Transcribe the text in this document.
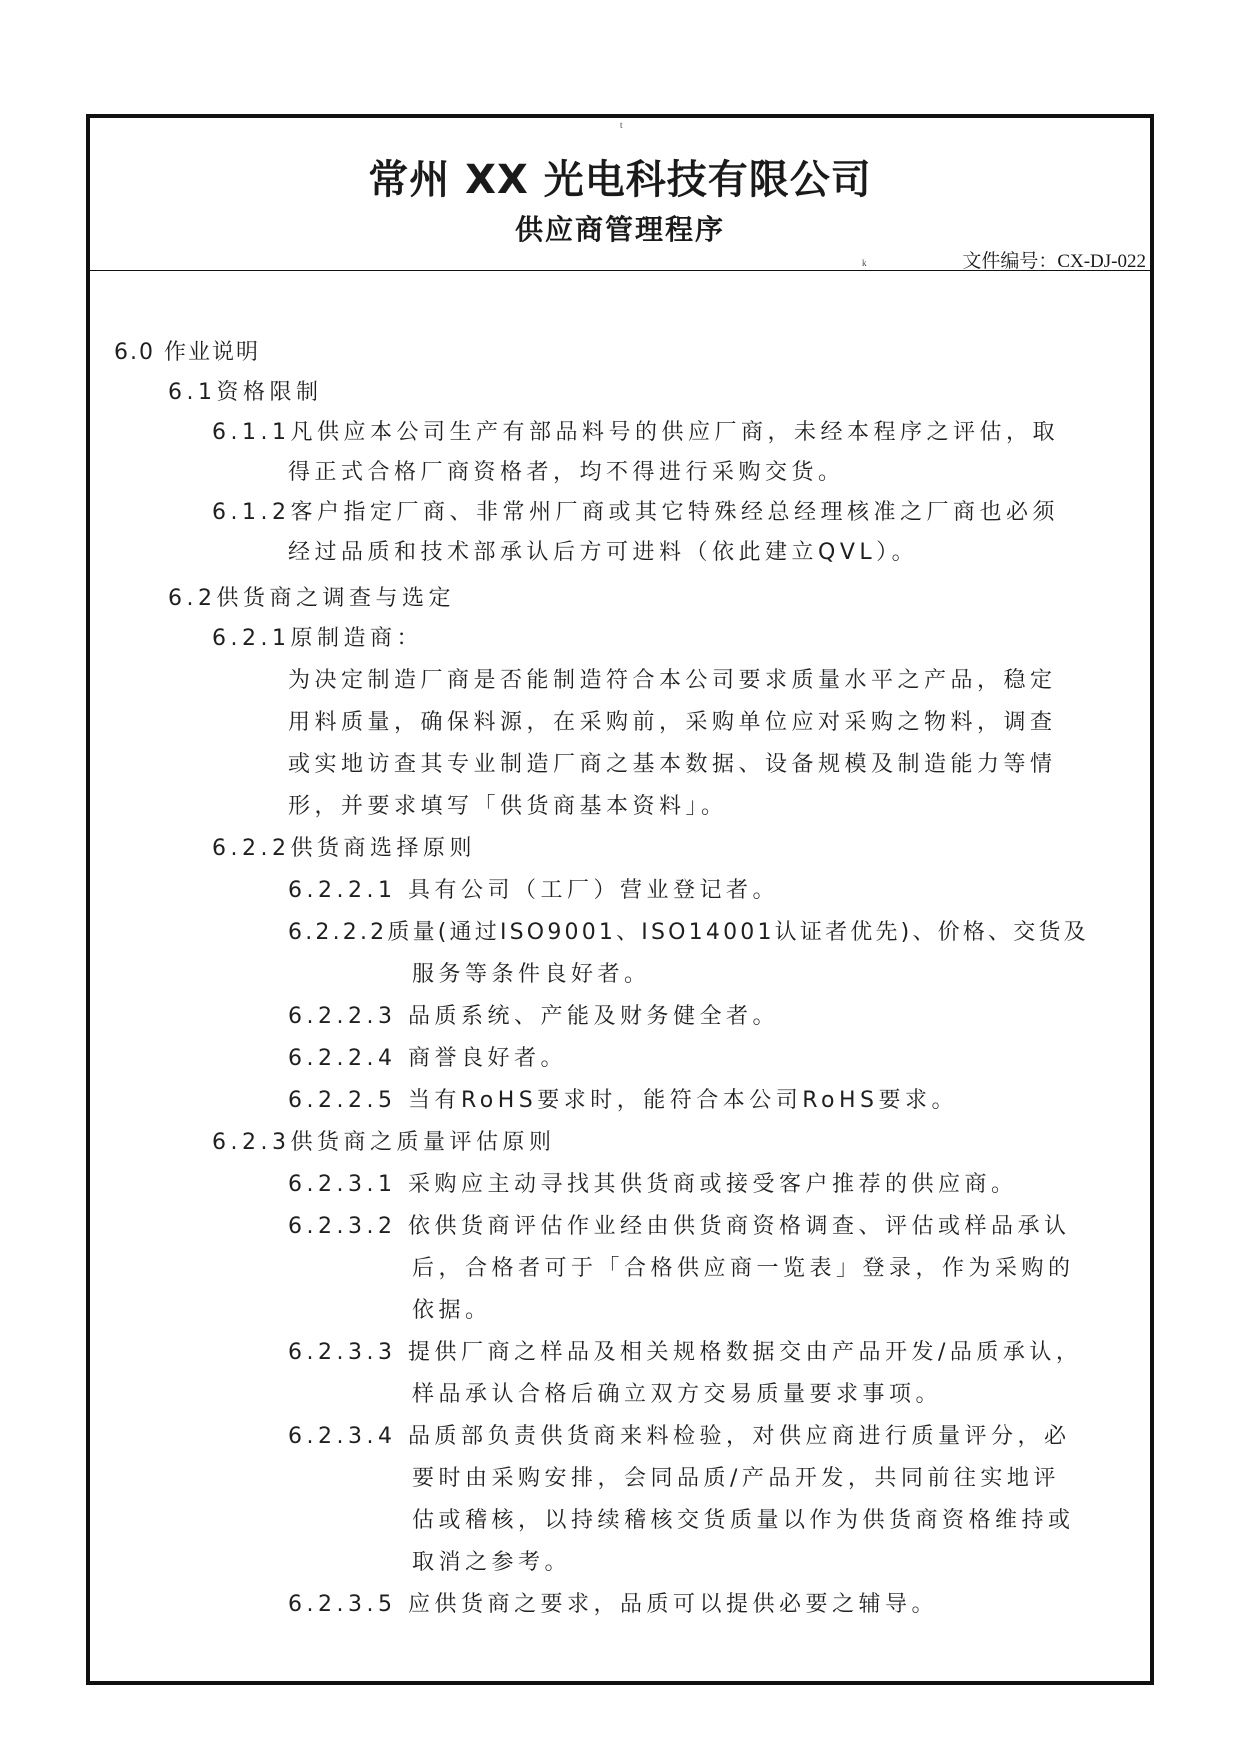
t
常州 XX 光电科技有限公司
供应商管理程序
k	文件编号：CX-DJ-022
6.0 作业说明
6.1资格限制
6.1.1凡供应本公司生产有部品料号的供应厂商，未经本程序之评估，取
得正式合格厂商资格者，均不得进行采购交货。
6.1.2客户指定厂商、非常州厂商或其它特殊经总经理核准之厂商也必须
经过品质和技术部承认后方可进料（依此建立QVL）。
6.2供货商之调查与选定
6.2.1原制造商：
为决定制造厂商是否能制造符合本公司要求质量水平之产品，稳定
用料质量，确保料源，在采购前，采购单位应对采购之物料，调查
或实地访查其专业制造厂商之基本数据、设备规模及制造能力等情
形，并要求填写「供货商基本资料」。
6.2.2供货商选择原则
6.2.2.1 具有公司（工厂）营业登记者。
6.2.2.2质量(通过ISO9001、ISO14001认证者优先)、价格、交货及
服务等条件良好者。
6.2.2.3 品质系统、产能及财务健全者。
6.2.2.4 商誉良好者。
6.2.2.5 当有RoHS要求时，能符合本公司RoHS要求。
6.2.3供货商之质量评估原则
6.2.3.1 采购应主动寻找其供货商或接受客户推荐的供应商。
6.2.3.2 依供货商评估作业经由供货商资格调查、评估或样品承认
后，合格者可于「合格供应商一览表」登录，作为采购的
依据。
6.2.3.3 提供厂商之样品及相关规格数据交由产品开发/品质承认，
样品承认合格后确立双方交易质量要求事项。
6.2.3.4 品质部负责供货商来料检验，对供应商进行质量评分，必
要时由采购安排，会同品质/产品开发，共同前往实地评
估或稽核，以持续稽核交货质量以作为供货商资格维持或
取消之参考。
6.2.3.5 应供货商之要求，品质可以提供必要之辅导。
